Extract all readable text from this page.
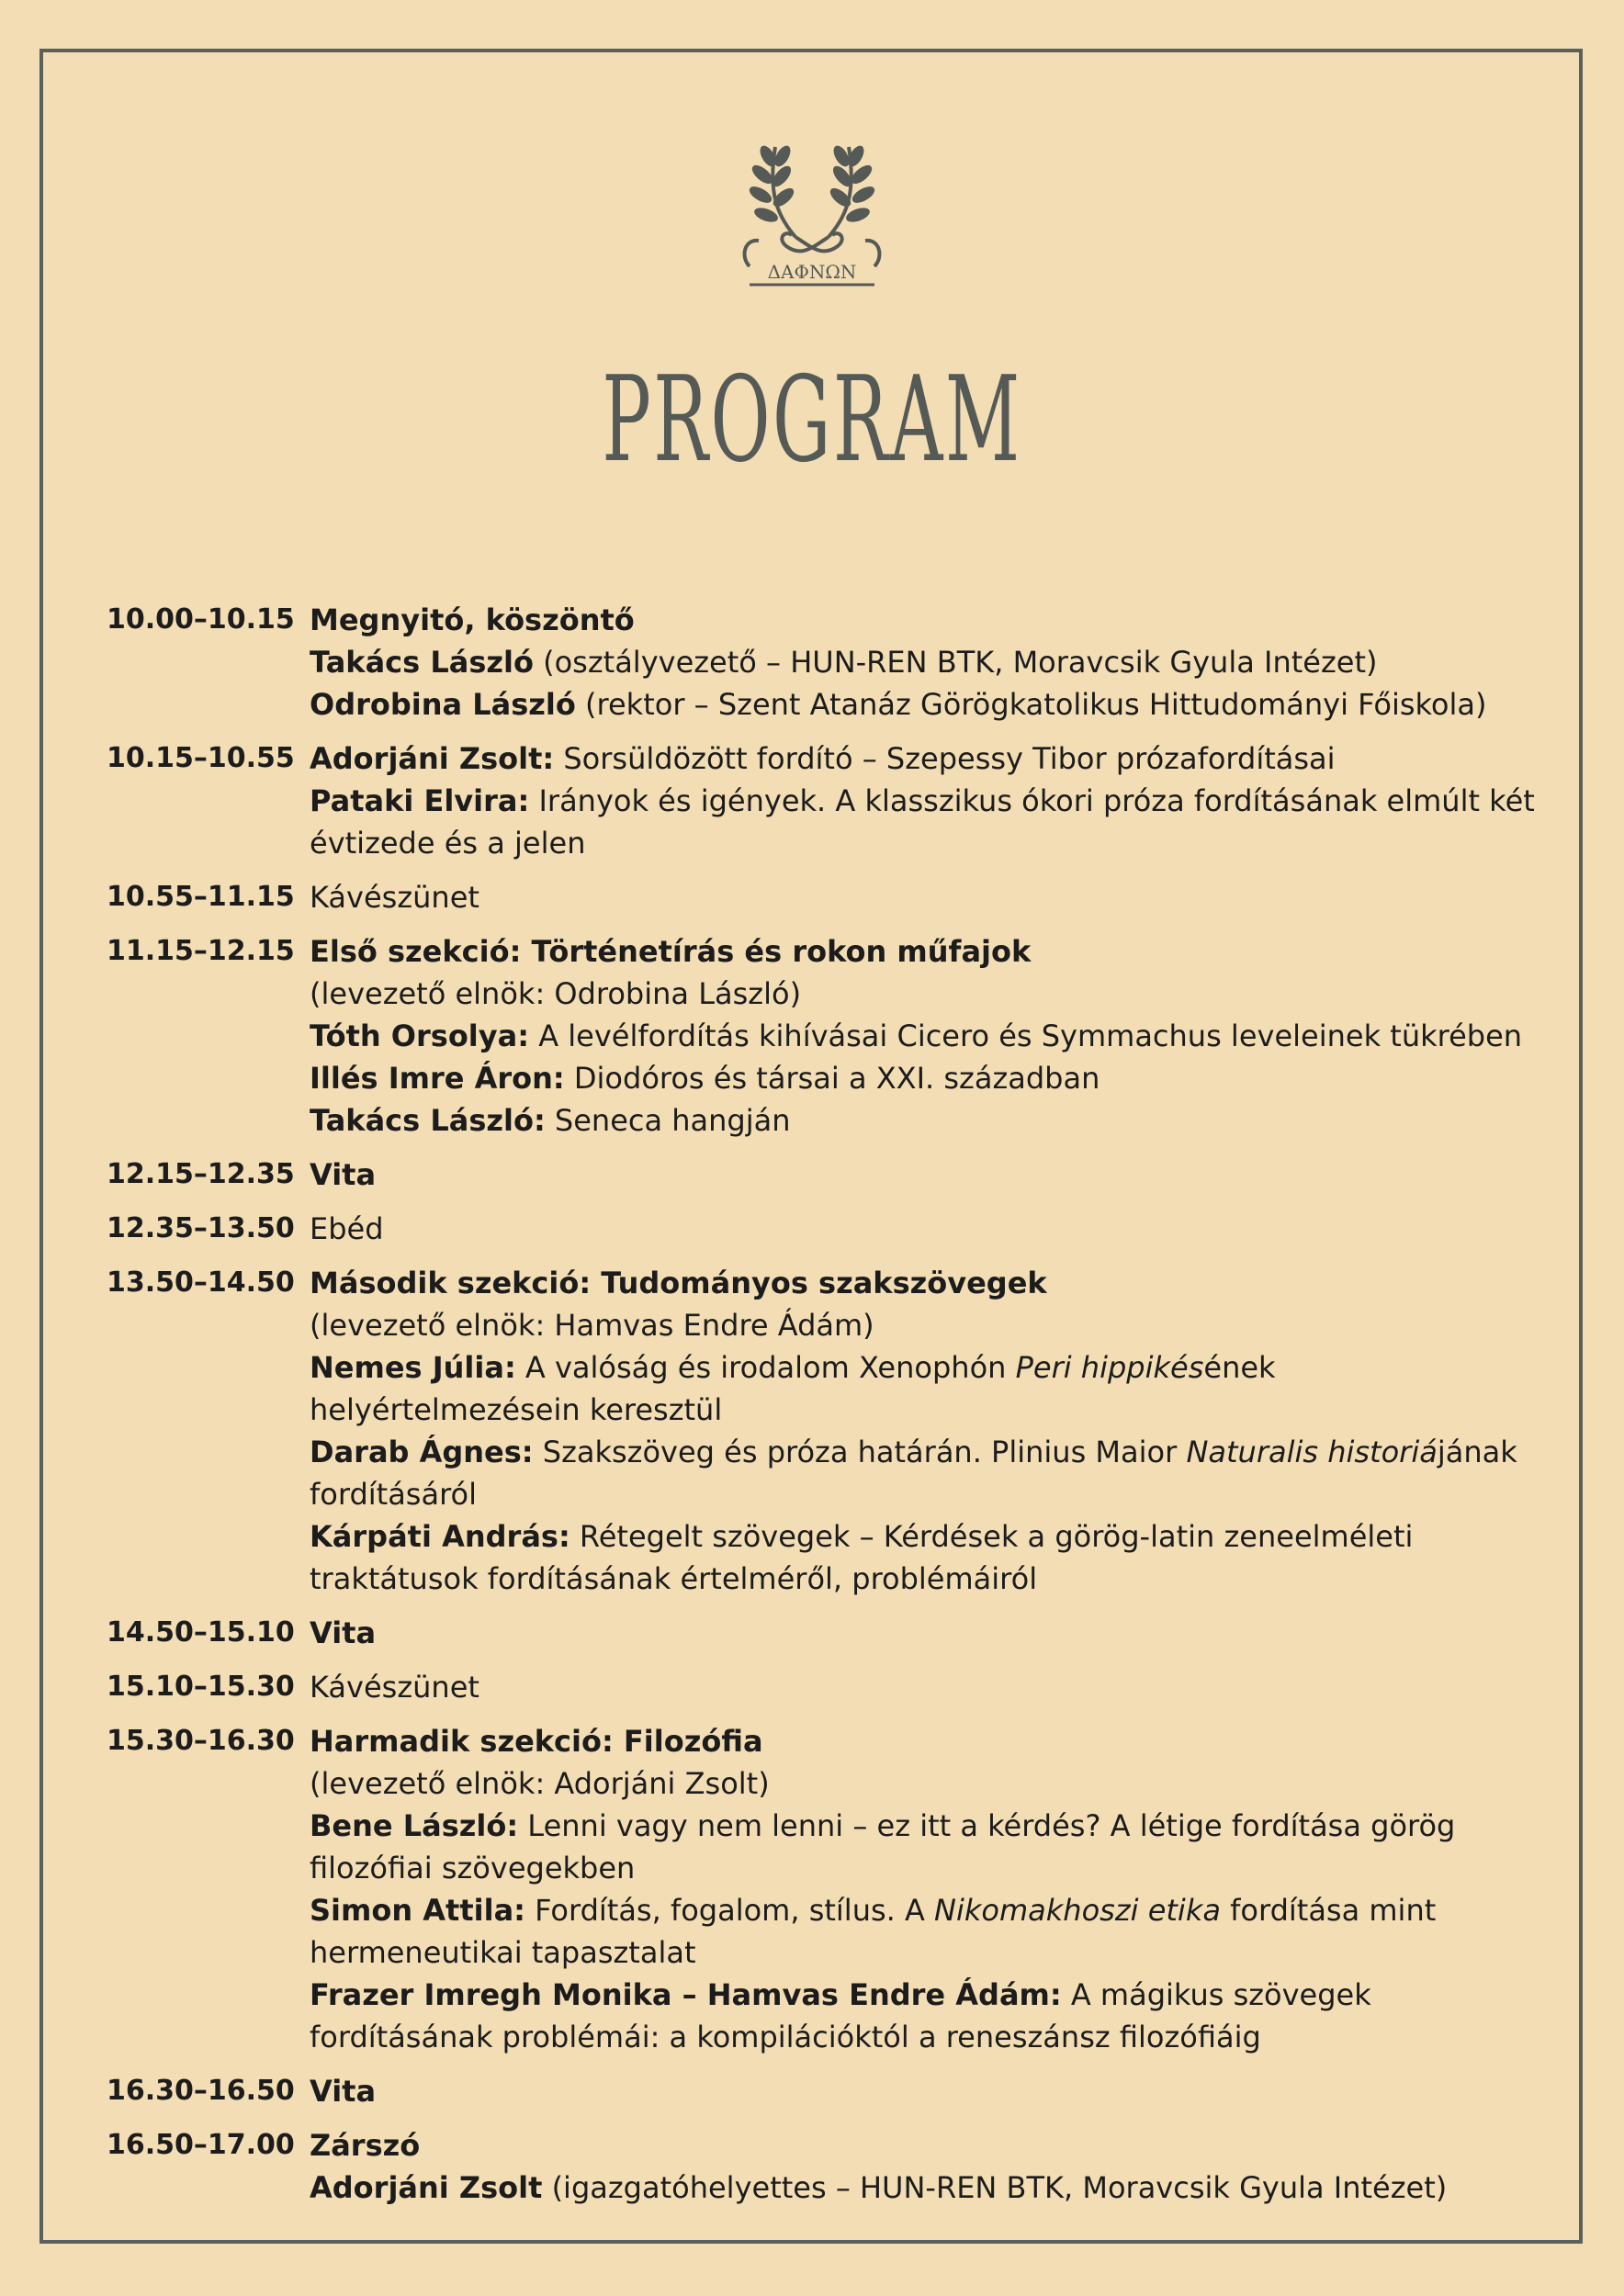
ΔΑΦΝΩΝ
PROGRAM
10.00–10.15 Megnyitó, köszöntő
Takács László (osztályvezető – HUN-REN BTK, Moravcsik Gyula Intézet)
Odrobina László (rektor – Szent Atanáz Görögkatolikus Hittudományi Főiskola)
10.15–10.55 Adorjáni Zsolt: Sorsüldözött fordító – Szepessy Tibor prózafordításai
Pataki Elvira: Irányok és igények. A klasszikus ókori próza fordításának elmúlt két évtizede és a jelen
10.55–11.15 Kávészünet
11.15–12.15 Első szekció: Történetírás és rokon műfajok
(levezető elnök: Odrobina László)
Tóth Orsolya: A levélfordítás kihívásai Cicero és Symmachus leveleinek tükrében
Illés Imre Áron: Diodóros és társai a XXI. században
Takács László: Seneca hangján
12.15–12.35 Vita
12.35–13.50 Ebéd
13.50–14.50 Második szekció: Tudományos szakszövegek
(levezető elnök: Hamvas Endre Ádám)
Nemes Júlia: A valóság és irodalom Xenophón Peri hippikésének helyértelmezésein keresztül
Darab Ágnes: Szakszöveg és próza határán. Plinius Maior Naturalis historiájának fordításáról
Kárpáti András: Rétegelt szövegek – Kérdések a görög-latin zeneelméleti traktátusok fordításának értelméről, problémáiról
14.50–15.10 Vita
15.10–15.30 Kávészünet
15.30–16.30 Harmadik szekció: Filozófia
(levezető elnök: Adorjáni Zsolt)
Bene László: Lenni vagy nem lenni – ez itt a kérdés? A létige fordítása görög filozófiai szövegekben
Simon Attila: Fordítás, fogalom, stílus. A Nikomakhoszi etika fordítása mint hermeneutikai tapasztalat
Frazer Imregh Monika – Hamvas Endre Ádám: A mágikus szövegek fordításának problémái: a kompilációktól a reneszánsz filozófiáig
16.30–16.50 Vita
16.50–17.00 Zárszó
Adorjáni Zsolt (igazgatóhelyettes – HUN-REN BTK, Moravcsik Gyula Intézet)
